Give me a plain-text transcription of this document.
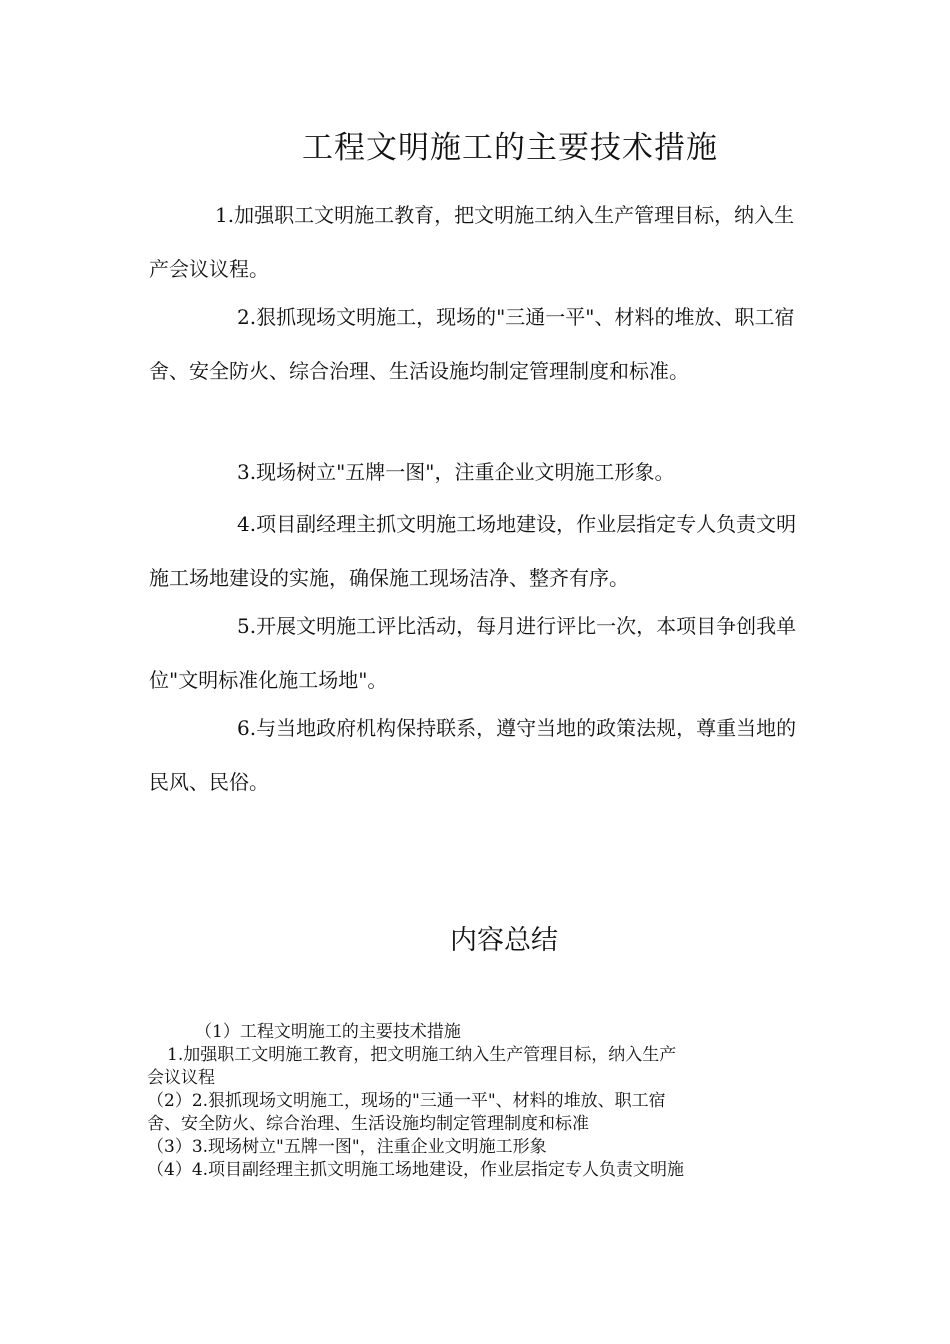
工程文明施工的主要技术措施

1.加强职工文明施工教育，把文明施工纳入生产管理目标，纳入生产会议议程。

2.狠抓现场文明施工，现场的"三通一平"、材料的堆放、职工宿舍、安全防火、综合治理、生活设施均制定管理制度和标准。

3.现场树立"五牌一图"，注重企业文明施工形象。

4.项目副经理主抓文明施工场地建设，作业层指定专人负责文明施工场地建设的实施，确保施工现场洁净、整齐有序。

5.开展文明施工评比活动，每月进行评比一次，本项目争创我单位"文明标准化施工场地"。

6.与当地政府机构保持联系，遵守当地的政策法规，尊重当地的民风、民俗。

内容总结
（1）工程文明施工的主要技术措施
1.加强职工文明施工教育，把文明施工纳入生产管理目标，纳入生产
会议议程
（2）2.狠抓现场文明施工，现场的"三通一平"、材料的堆放、职工宿
舍、安全防火、综合治理、生活设施均制定管理制度和标准
（3）3.现场树立"五牌一图"，注重企业文明施工形象
（4）4.项目副经理主抓文明施工场地建设，作业层指定专人负责文明施
